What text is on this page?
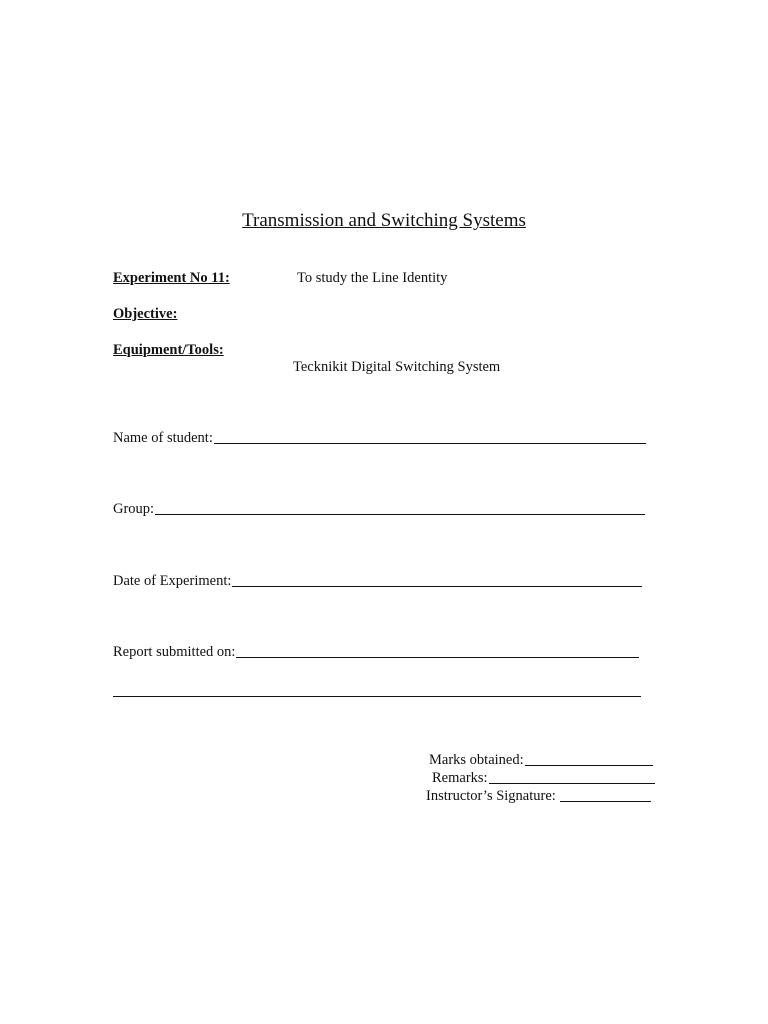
Transmission and Switching Systems
Experiment No 11:	To study the Line Identity
Objective:
Equipment/Tools:
Tecknikit Digital Switching System
Name of student:
Group:
Date of Experiment:
Report submitted on:
Marks obtained:
Remarks:
Instructor’s Signature:
